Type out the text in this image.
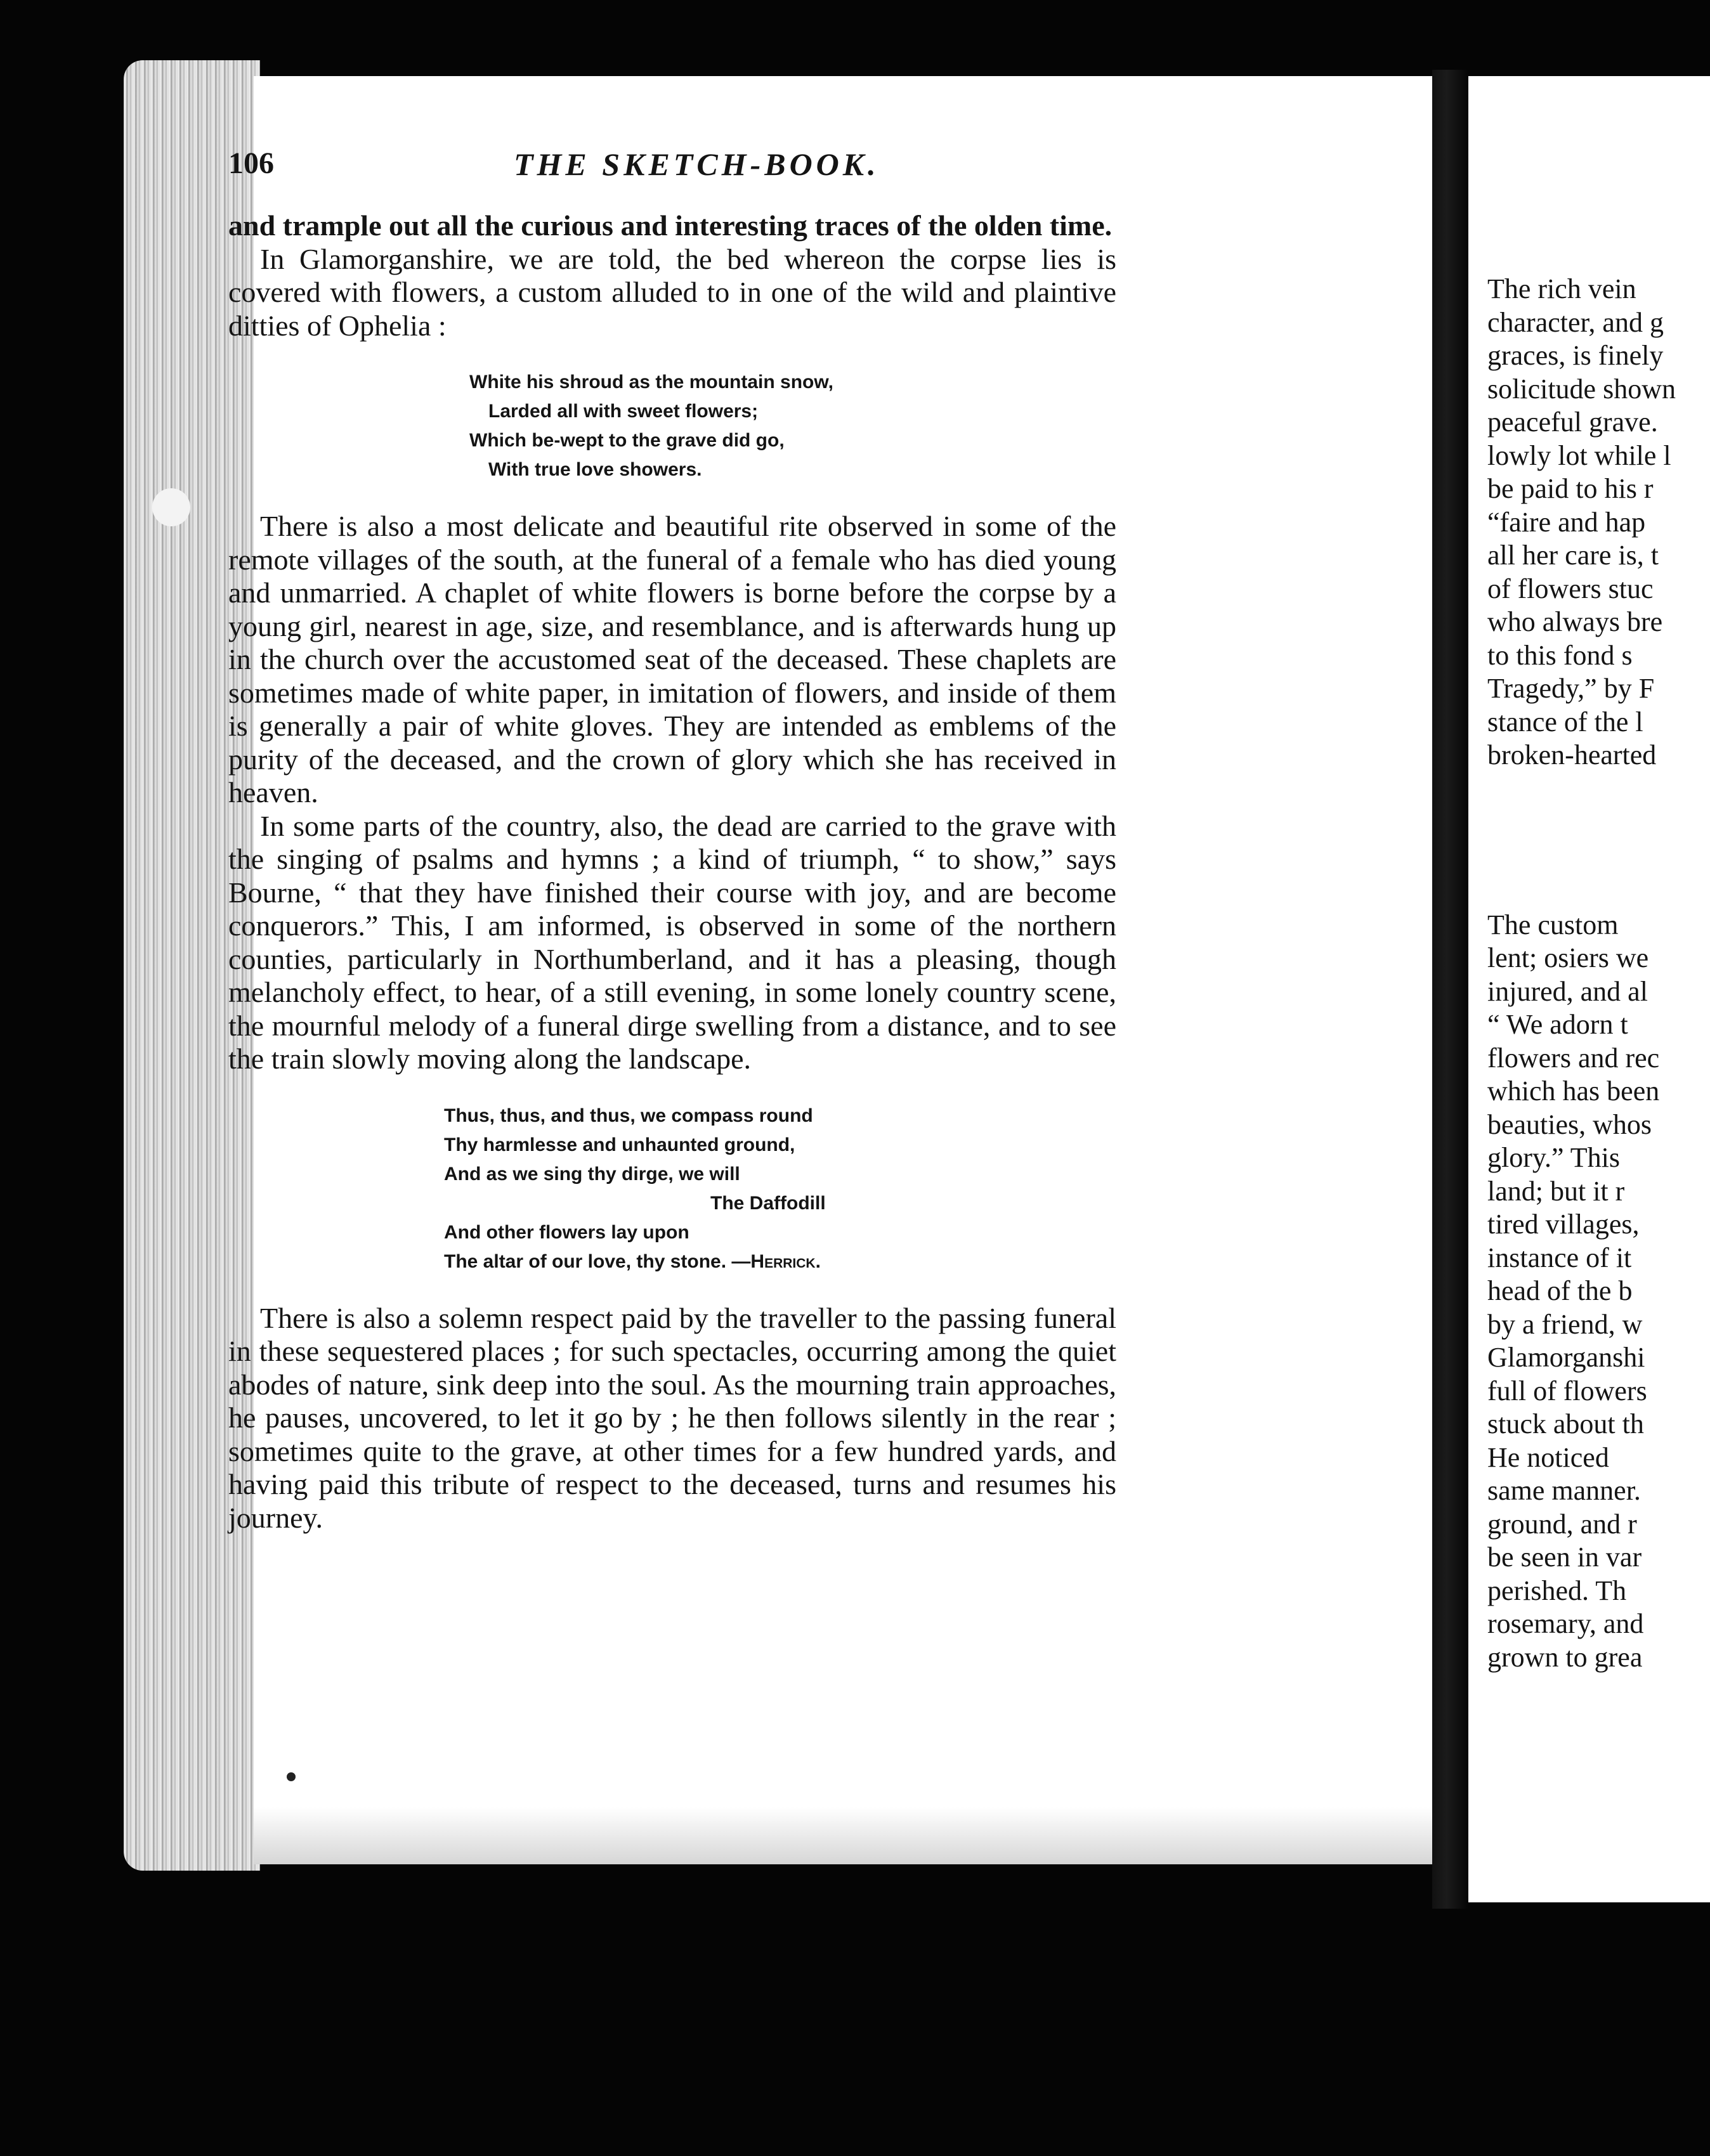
106	THE SKETCH-BOOK.

and trample out all the curious and interesting traces of the olden time.

In Glamorganshire, we are told, the bed whereon the corpse lies is covered with flowers, a custom alluded to in one of the wild and plaintive ditties of Ophelia :

White his shroud as the mountain snow,
Larded all with sweet flowers;
Which be-wept to the grave did go,
With true love showers.

There is also a most delicate and beautiful rite observed in some of the remote villages of the south, at the funeral of a female who has died young and unmarried. A chaplet of white flowers is borne before the corpse by a young girl, nearest in age, size, and resemblance, and is afterwards hung up in the church over the accustomed seat of the deceased. These chaplets are sometimes made of white paper, in imitation of flowers, and inside of them is generally a pair of white gloves. They are intended as emblems of the purity of the deceased, and the crown of glory which she has received in heaven.

In some parts of the country, also, the dead are carried to the grave with the singing of psalms and hymns ; a kind of triumph, “ to show,” says Bourne, “ that they have finished their course with joy, and are become conquerors.” This, I am informed, is observed in some of the northern counties, particularly in Northumberland, and it has a pleasing, though melancholy effect, to hear, of a still evening, in some lonely country scene, the mournful melody of a funeral dirge swelling from a distance, and to see the train slowly moving along the landscape.

Thus, thus, and thus, we compass round
Thy harmlesse and unhaunted ground,
And as we sing thy dirge, we will
The Daffodill
And other flowers lay upon
The altar of our love, thy stone. —Herrick.

There is also a solemn respect paid by the traveller to the passing funeral in these sequestered places ; for such spectacles, occurring among the quiet abodes of nature, sink deep into the soul. As the mourning train approaches, he pauses, uncovered, to let it go by ; he then follows silently in the rear ; sometimes quite to the grave, at other times for a few hundred yards, and having paid this tribute of respect to the deceased, turns and resumes his journey.

The rich vein
character, and g
graces, is finely
solicitude shown
peaceful grave.
lowly lot while l
be paid to his r
“faire and hap
all her care is, t
of flowers stuc
who always bre
to this fond s
Tragedy,” by F
stance of the l
broken-hearted
The custom
lent; osiers we
injured, and al
“ We adorn t
flowers and rec
which has been
beauties, whos
glory.” This
land; but it r
tired villages,
instance of it
head of the b
by a friend, w
Glamorganshi
full of flowers
stuck about th
He noticed
same manner.
ground, and r
be seen in var
perished. Th
rosemary, and
grown to grea
